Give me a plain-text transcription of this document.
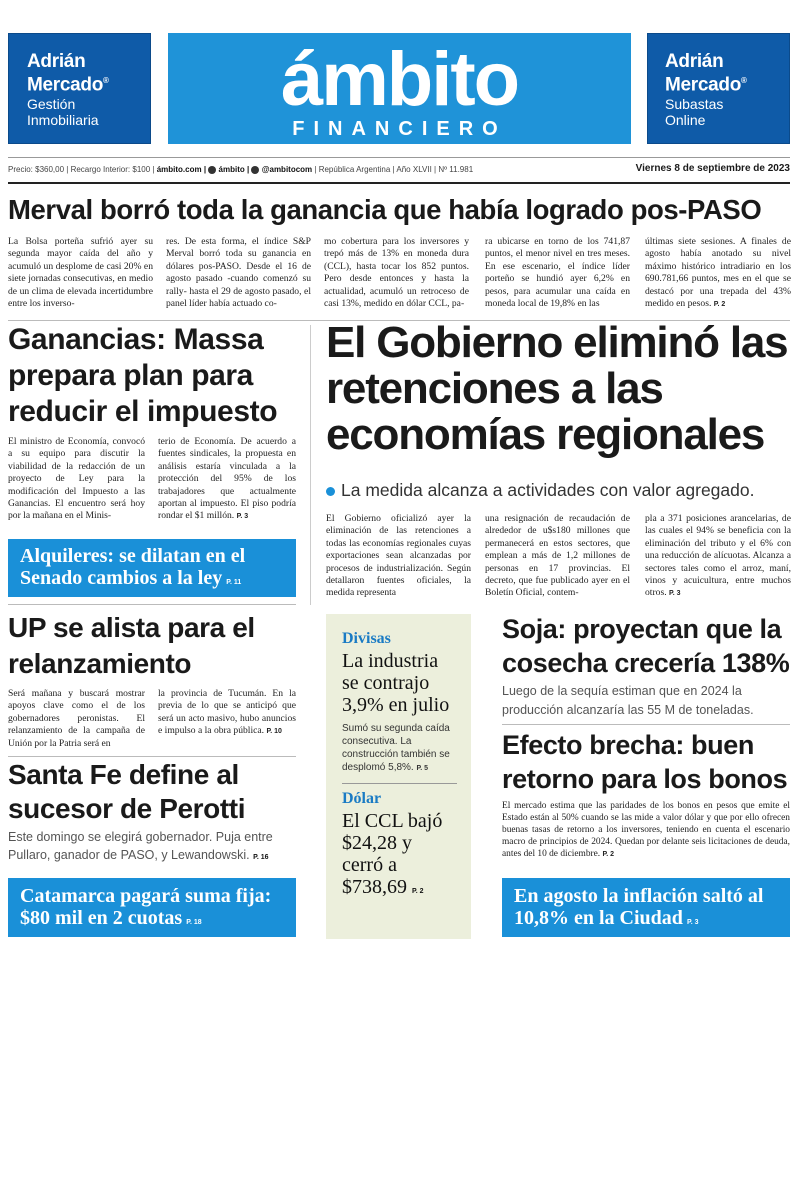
Adrián
Mercado®
Gestión
Inmobiliaria	ámbito
FINANCIERO
Adrián
Mercado®
Subastas
Online
Precio: $360,00 | Recargo Interior: $100 | ámbito.com | ámbito | @ambitocom | República Argentina | Año XLVII | Nº 11.981	Viernes 8 de septiembre de 2023
Merval borró toda la ganancia que había logrado pos-PASO
La Bolsa porteña sufrió ayer su segunda mayor caída del año y acumuló un desplome de casi 20% en siete jornadas consecutivas, en medio de un clima de elevada incertidumbre entre los inverso-
res. De esta forma, el índice S&P Merval borró toda su ganancia en dólares pos-PASO. Desde el 16 de agosto pasado -cuando comenzó su rally- hasta el 29 de agosto pasado, el panel líder había actuado co-
mo cobertura para los inversores y trepó más de 13% en moneda dura (CCL), hasta tocar los 852 puntos. Pero desde entonces y hasta la actualidad, acumuló un retroceso de casi 13%, medido en dólar CCL, pa-
ra ubicarse en torno de los 741,87 puntos, el menor nivel en tres meses. En ese escenario, el índice líder porteño se hundió ayer 6,2% en pesos, para acumular una caída en moneda local de 19,8% en las
últimas siete sesiones. A finales de agosto había anotado su nivel máximo histórico intradiario en los 690.781,66 puntos, mes en el que se destacó por una trepada del 43% medido en pesos. P. 2
Ganancias: Massa prepara plan para reducir el impuesto
El ministro de Economía, convocó a su equipo para discutir la viabilidad de la redacción de un proyecto de Ley para la modificación del Impuesto a las Ganancias. El encuentro será hoy por la mañana en el Minis-
terio de Economía. De acuerdo a fuentes sindicales, la propuesta en análisis estaría vinculada a la protección del 95% de los trabajadores que actualmente aportan al impuesto. El piso podría rondar el $1 millón. P. 3
Alquileres: se dilatan en el Senado cambios a la ley P. 11
UP se alista para el relanzamiento
Será mañana y buscará mostrar apoyos clave como el de los gobernadores peronistas. El relanzamiento de la campaña de Unión por la Patria será en
la provincia de Tucumán. En la previa de lo que se anticipó que será un acto masivo, hubo anuncios e impulso a la obra pública. P. 10
Santa Fe define al sucesor de Perotti
Este domingo se elegirá gobernador. Puja entre Pullaro, ganador de PASO, y Lewandowski. P. 16
Catamarca pagará suma fija: $80 mil en 2 cuotas P. 18
El Gobierno eliminó las retenciones a las economías regionales
La medida alcanza a actividades con valor agregado.
El Gobierno oficializó ayer la eliminación de las retenciones a todas las economías regionales cuyas exportaciones sean alcanzadas por procesos de industrialización. Según detallaron fuentes oficiales, la medida representa
una resignación de recaudación de alrededor de u$s180 millones que permanecerá en estos sectores, que emplean a más de 1,2 millones de personas en 17 provincias. El decreto, que fue publicado ayer en el Boletín Oficial, contem-
pla a 371 posiciones arancelarias, de las cuales el 94% se beneficia con la eliminación del tributo y el 6% con una reducción de alícuotas. Alcanza a sectores tales como el arroz, maní, vinos y acuicultura, entre muchos otros. P. 3
Divisas
La industria se contrajo 3,9% en julio
Sumó su segunda caída consecutiva. La construcción también se desplomó 5,8%. P. 5
Dólar
El CCL bajó $24,28 y cerró a $738,69 P. 2
Soja: proyectan que la cosecha crecería 138%
Luego de la sequía estiman que en 2024 la producción alcanzaría las 55 M de toneladas.
Efecto brecha: buen retorno para los bonos
El mercado estima que las paridades de los bonos en pesos que emite el Estado están al 50% cuando se las mide a valor dólar y que por ello ofrecen buenas tasas de retorno a los inversores, teniendo en cuenta el escenario macro de principios de 2024. Quedan por delante seis licitaciones de deuda, antes del 10 de diciembre. P. 2
En agosto la inflación saltó al 10,8% en la Ciudad P. 3
